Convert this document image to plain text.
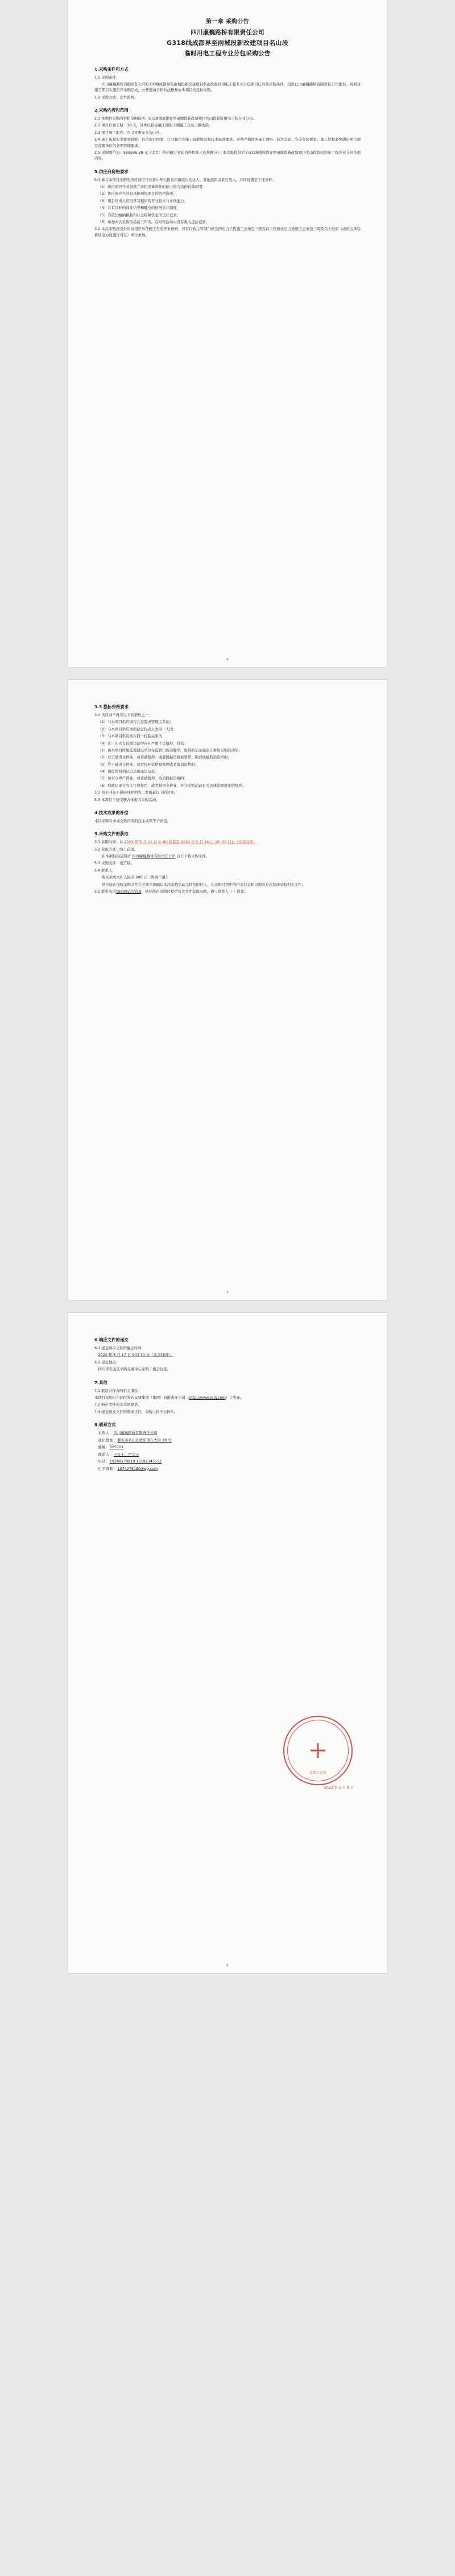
第一章 采购公告
四川廉巍路桥有限责任公司
G318线成都界至雨城段新改建项目名山段
临时用电工程专业分包采购公告
1.采购条件和方式

1.1 采购条件

四川廉巍路桥有限责任公司G318线成都界至雨城段新改建项目名山段临时用电工程专业分包项目已具备采购条件，投资已由廉巍路桥有限责任公司批准，现对该施工项目实施公开采购活动，公开邀请合格的法格参加本项目的投标采购。

1.2 采购方式：竞争谈判。

2.采购内容和范围

2.1 本项目采购内容和范围包括：G318线成都界至雨城段新改建项目名山段临时用电工程专业分包。

2.2 项目计划工期：30 天，具体以招标确工期的工期施工日历天数为准。

2.3 项目施工地点：四川省雅安市名山区。

2.4 施工质量安全要求验收：符合现行国家、行业和企业施工验收规范和技术标准要求，必须严格按照施工图纸、技术交底、安全交底要求，施工过程必须满足项目部及监理单位的各项管理要求。

2.5 采购限价为：580636.38 元（大写：伍拾捌万零陆佰叁拾陆元叁角捌分）；本次报价包括了G318线成都界至雨城段新改建项目名山段临时用电工程专业分包全部内容。

3.供应商资格要求

3.1 参与本项目采购的供应商应当具备中华人民共和国境内的法人、其他组织或者自然人，并同时满足下述条件；

（1）供应商应当具备独立承担民事责任的能力的合法的有效证明；

（2）供应商应当具有承担现场项目的资格资质；

（3）项目负责人应当具有相应的专业技术与业绩能力；

（4）具有良好的商业信誉和健全的财务会计制度；

（5）有依法缴纳税收和社会保障资金的良好记录；

（6）参加本次采购活动前三年内，在经营活动中没有重大违法记录；

3.2 本次采购接受供应商相应具备施工类的专业资格，具有行政主管部门核发的电力工程施工总承包三级及以上资质或电力设施工总承包三级及以上资质（或相关承装修试电力设施许可证）单位参加。

4
3.3 投标资格要求

3.2 供应商不得有以下的情形之一：

（1）与本项目供应商存在控股或管理关系的；

（2）与本项目供应商的法定代表人为同一人的；

（3）与本项目供应商在同一控制关系的；

（4）近三年内有较重违法中存在严重不良情形，包括：

（1）被本项目所属监理建设单位在监管门诉出警等，取得的记录确定人参加采购活动的；

（2）处于被责令停业，或者被暂停、或者投标资格被暂停、取消或被取消资格的；

（3）处于被责令停业，或者投标资格被暂停或者取消资格的；

（4）被监管机构认定其他违法信息；

（5）被责令停产停业，或者被暂停、取消投标资格的；

（6）财政记录在有关行政处罚、或者被责令停业，并在采购活动有关法律法规规定的情形；

3.3 初步同意不得同时并列为二类质量以下的对象；

3.3 本项目不接受联合体报名采购活动。

4.技术成果的补偿

本次采购对本成交供应商的技术成果不予补偿。

5.采购文件的获取

5.1 获取时间：从 2022 年 5 月 11 日 9: 00 时起至 2022 年 5 月 16 日 18: 00 时止（北京时间）

5.2 获取方式：网上获取。

在本项目指定网站 四川廉巍路桥有限责任公司 自行下载采购文件。

5.3 采购文件：电子版。

5.4 联系人：

购买采购文件人民币 200 元（售后不退）。

供应商在接收采购文件后必须立即确认本次采购活动文件及附件人，在采购过程中的相关信息和以现有方式发送采购相关文件；

5.5 联系电话18398270819，供应商在采购过程中有关文件获取问题，请与联系人（ ）联系。

5
6.响应文件的递交

6.1 递交响应文件的截止时间：

2022 年 5 月 17 日 9 时 30 分（北京时间）。

6.2 递交地点：

四川省名山区采购交易中心采购二楼会议室。

7.其他

7.1 联络合作方的相关事宜：

本项目采购公告同时发布交建集团（集团）有限责任公司（http://www.scjlj.com）上发布。

7.2 响应文件递交受理要求。

7.3 递交递交文件的需求文件、采购人将予以核实。

8.联系方式

采购人：四川廉巍路桥有限责任公司

通讯地址：雅安市名山区蒙阳镇东大街 28 号

邮编：625701

联系人：王女士、严女士

电话：19398270819 15181345552

电子邮箱：1874275230@qq.com

采购专用章
2022 年 5 月 9 日
6
